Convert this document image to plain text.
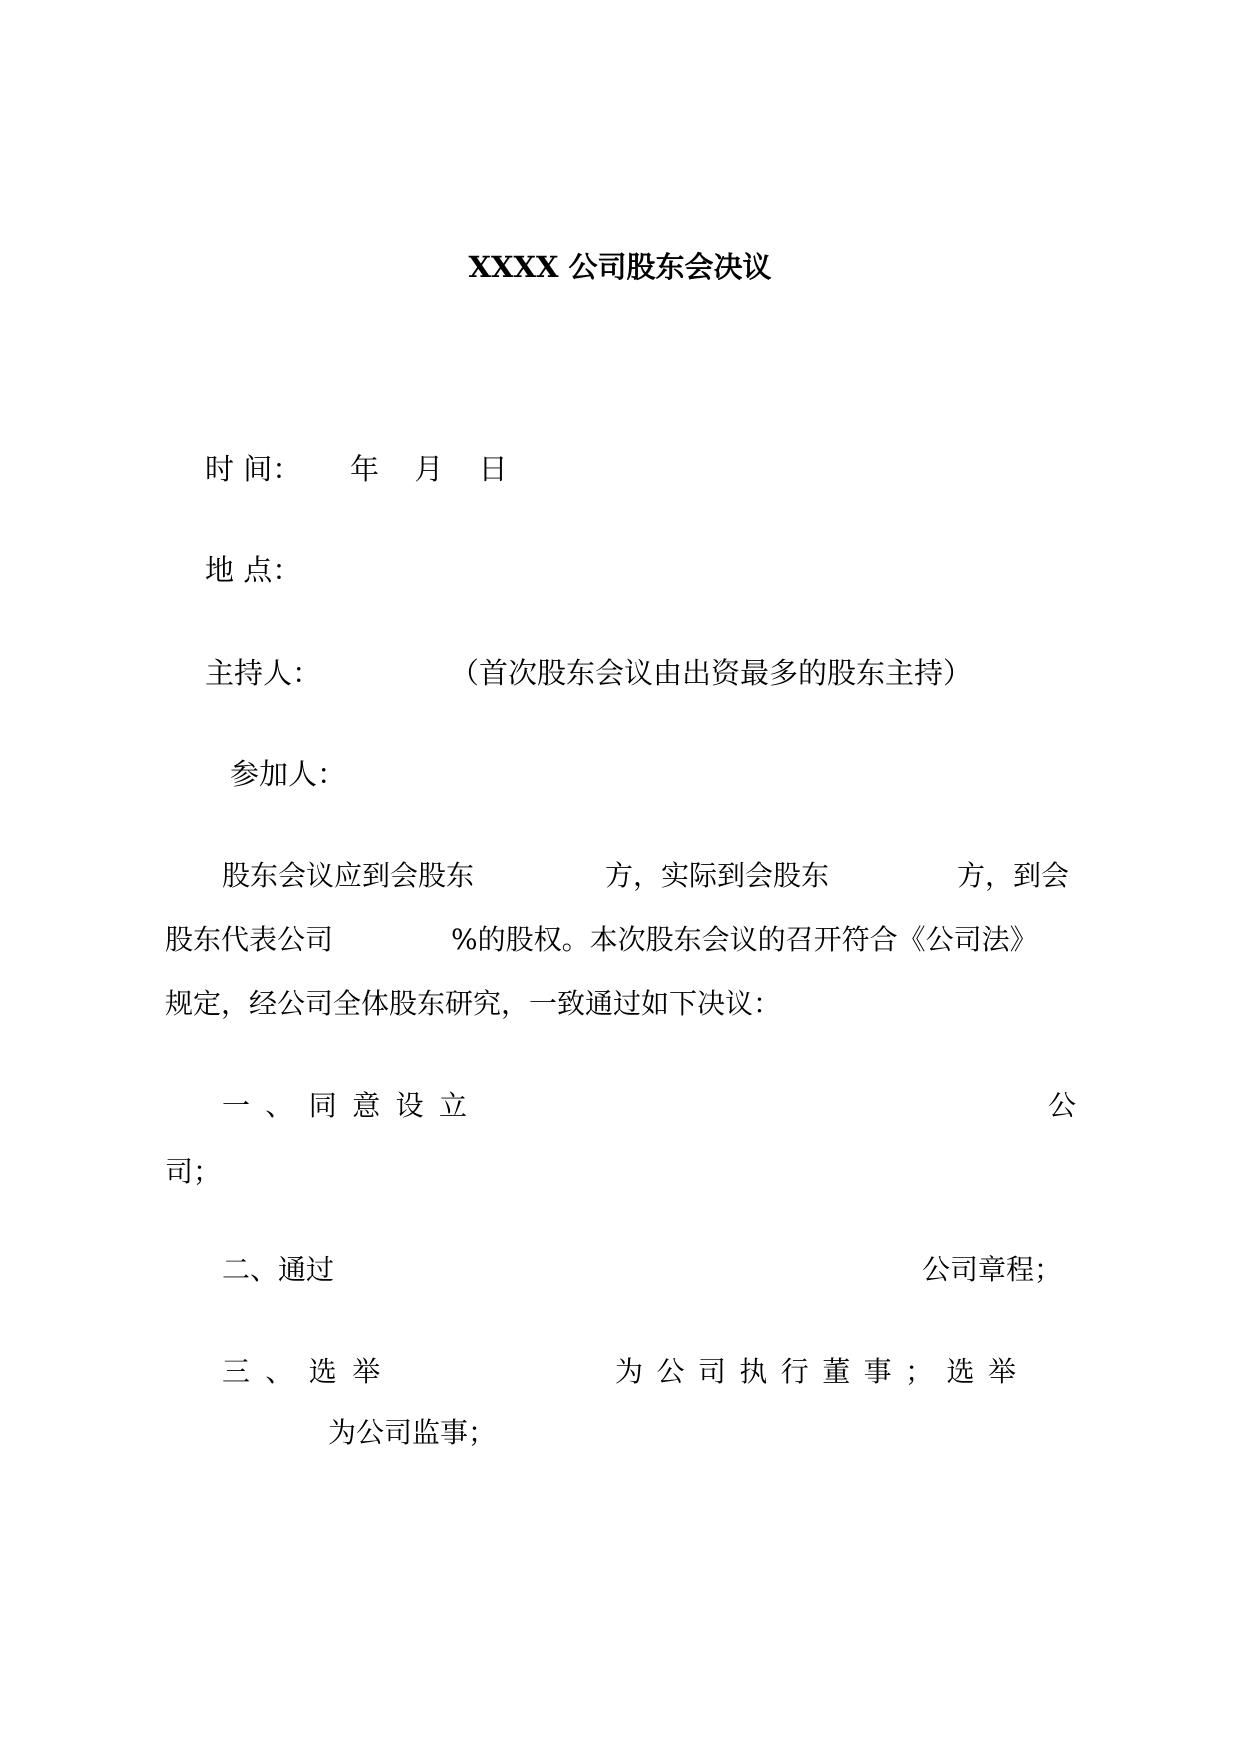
XXXX 公司股东会决议
时 间： 年 月 日
地 点：
主持人：	（首次股东会议由出资最多的股东主持）
参加人：
股东会议应到会股东	方，实际到会股东	方，到会
股东代表公司	%的股权。本次股东会议的召开符合《公司法》
规定，经公司全体股东研究，一致通过如下决议：
一、同意设立	公
司；
二、通过	公司章程；
三、选举	为公司执行董事；选举
为公司监事；
